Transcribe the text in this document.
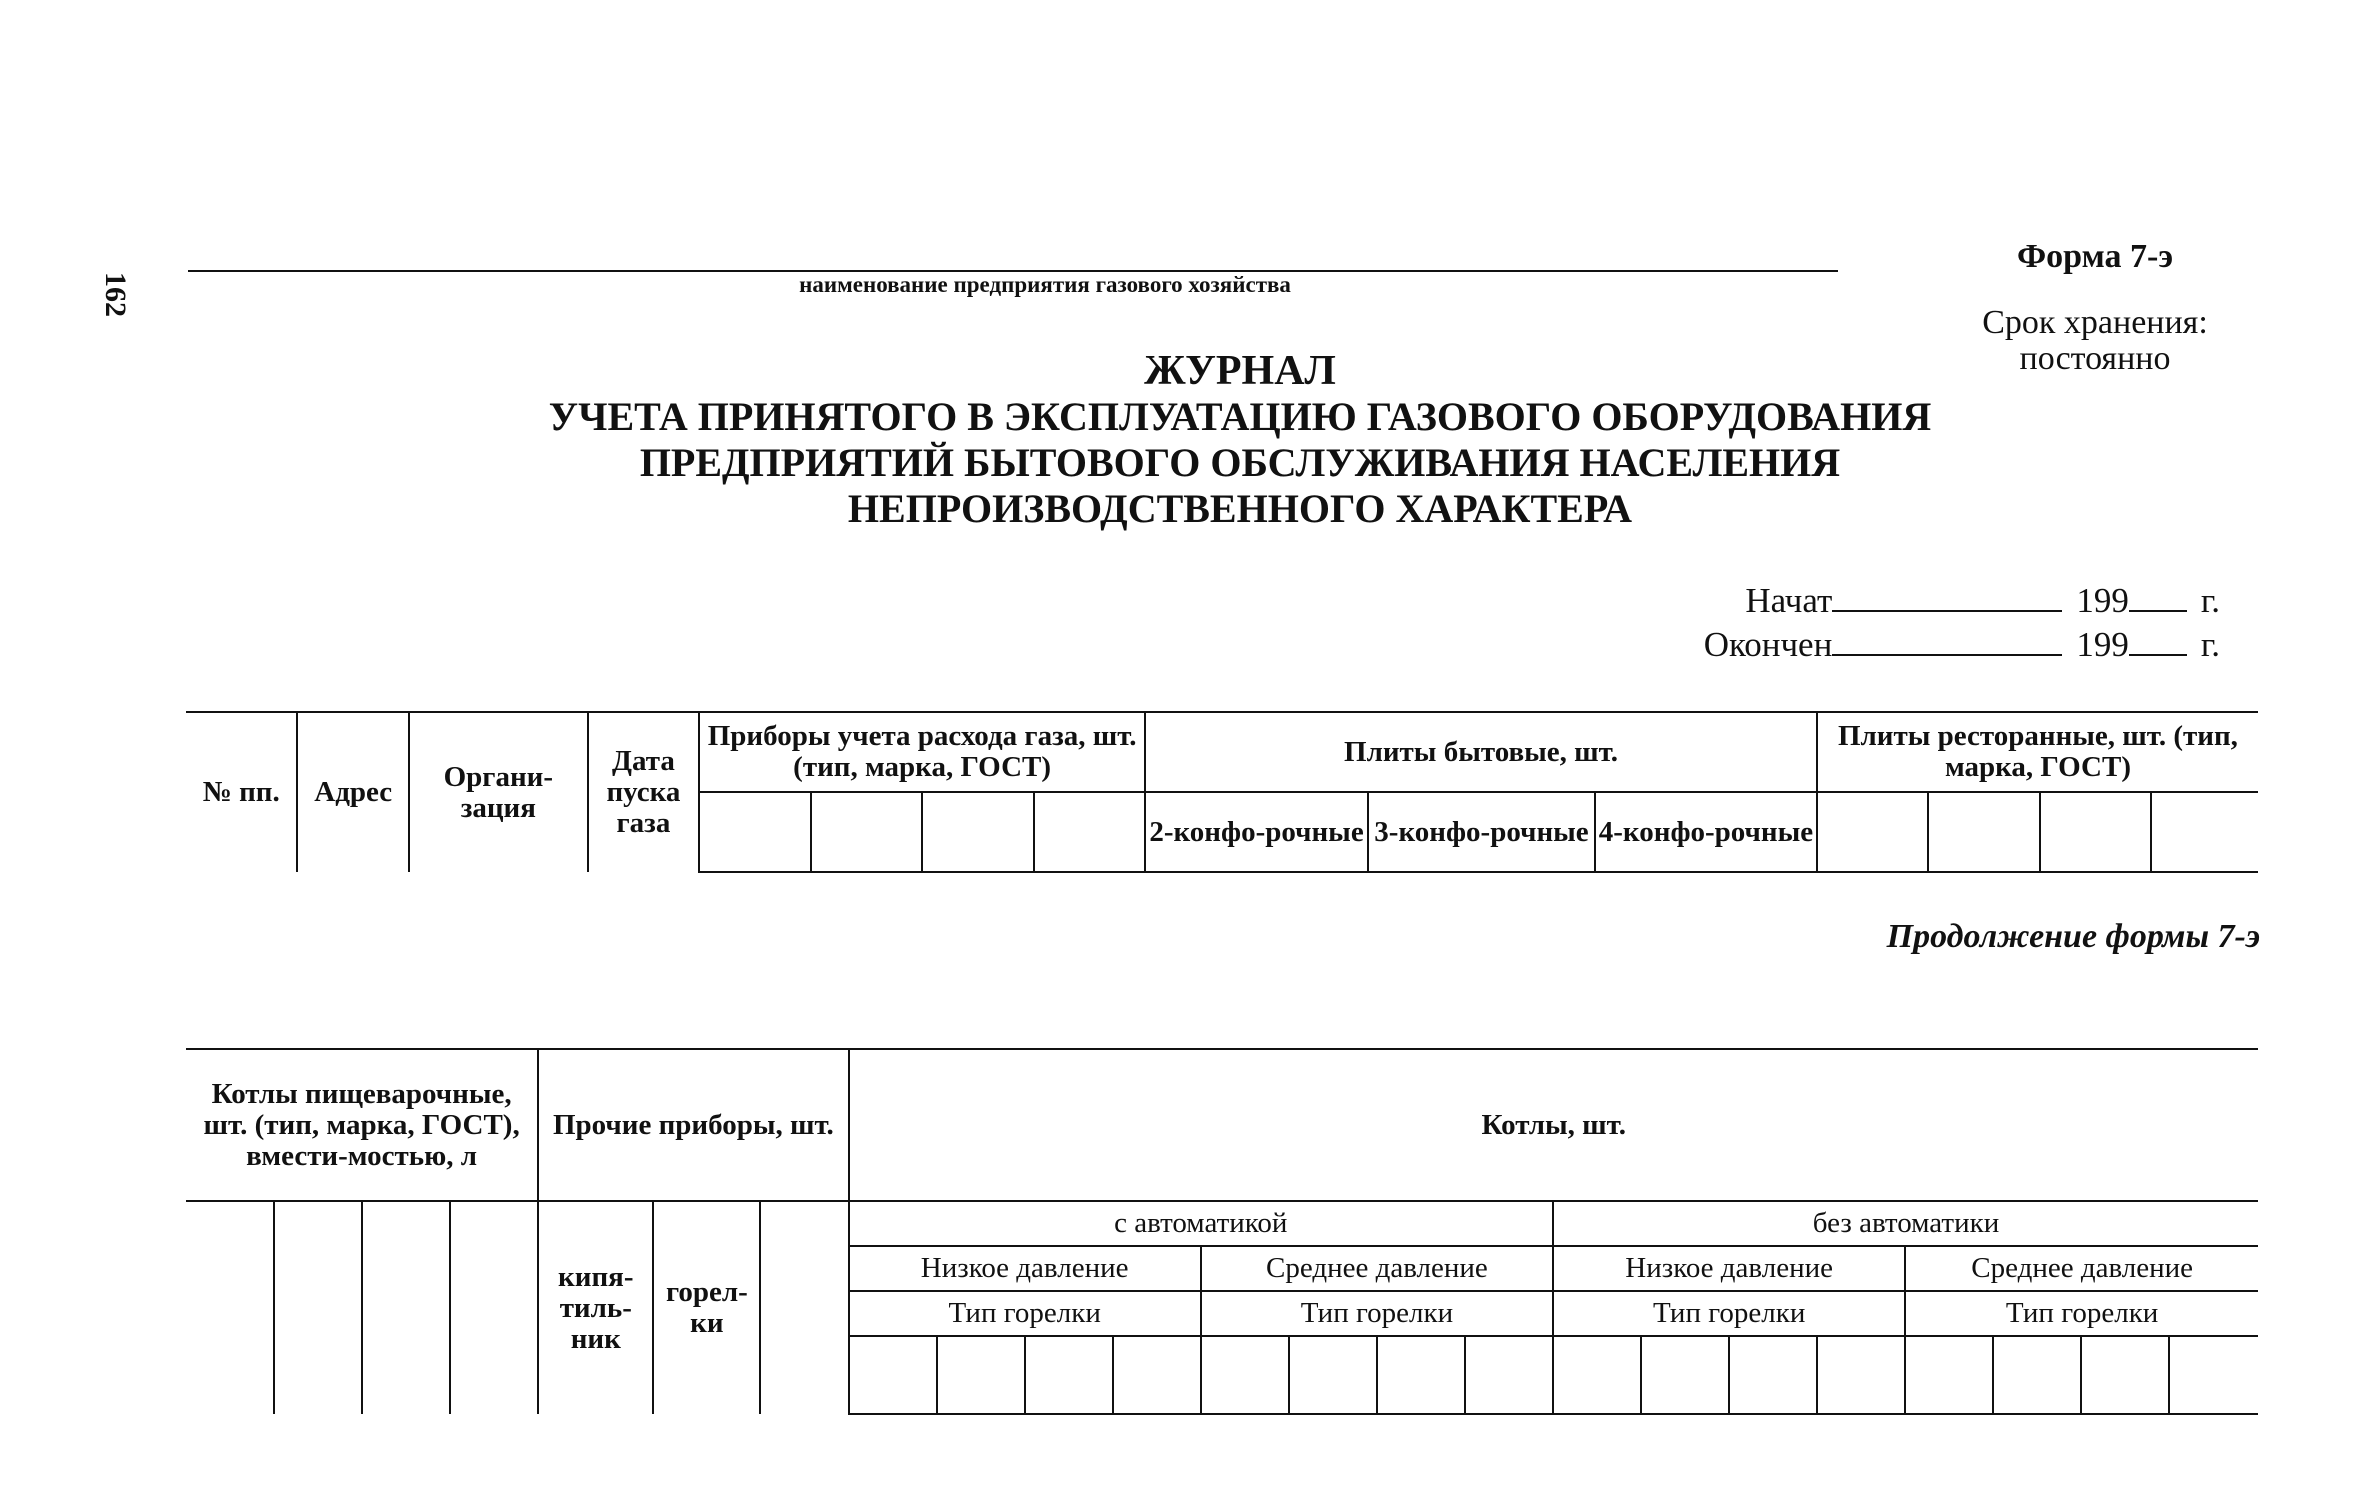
162	наименование предприятия газового хозяйства
Форма 7-э
Срок хранения:
постоянно
ЖУРНАЛ
УЧЕТА ПРИНЯТОГО В ЭКСПЛУАТАЦИЮ ГАЗОВОГО ОБОРУДОВАНИЯ
ПРЕДПРИЯТИЙ БЫТОВОГО ОБСЛУЖИВАНИЯ НАСЕЛЕНИЯ
НЕПРОИЗВОДСТВЕННОГО ХАРАКТЕРА
Начат	199 г.
Окончен	199 г.
№ пп.	Адрес	Органи-зация	Дата пуска газа	Приборы учета расхода газа, шт. (тип, марка, ГОСТ)				Плиты бытовые, шт.			Плиты ресторанные, шт. (тип, марка, ГОСТ)			
								2-конфо-рочные	3-конфо-рочные	4-конфо-рочные				
Продолжение формы 7-э
Котлы пищеварочные, шт. (тип, марка, ГОСТ), вмести-мостью, л				Прочие приборы, шт.			Котлы, шт.															
				кипя-тиль-ник	горел-ки		с автоматикой								без автоматики							
							Низкое давление				Среднее давление				Низкое давление				Среднее давление			
							Тип горелки				Тип горелки				Тип горелки				Тип горелки			
